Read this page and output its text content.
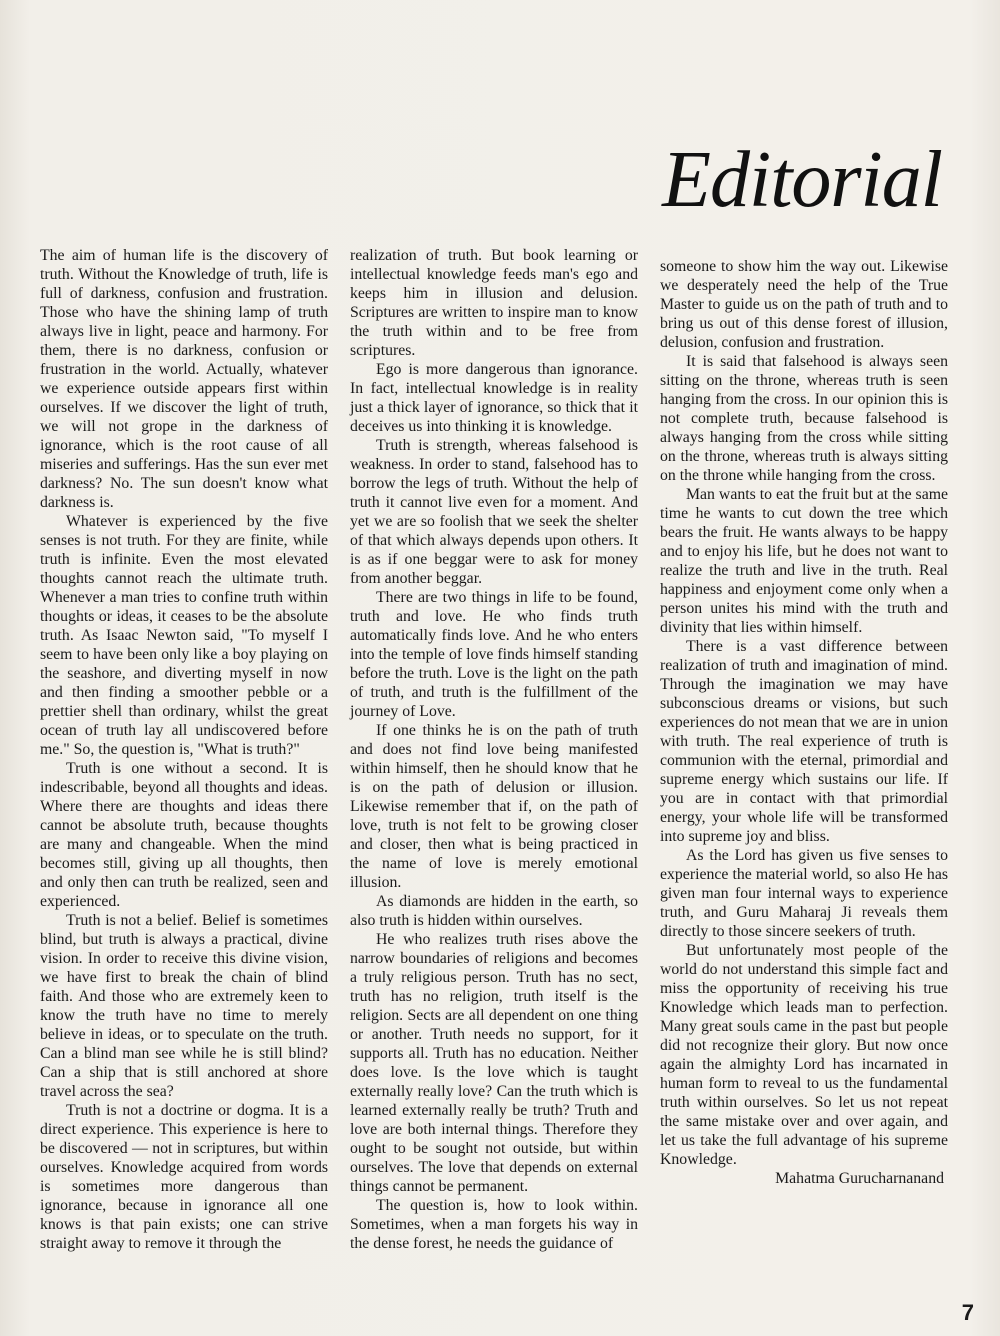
Editorial

The aim of human life is the discovery of truth. Without the Knowledge of truth, life is full of darkness, confusion and frustration. Those who have the shining lamp of truth always live in light, peace and harmony. For them, there is no darkness, confusion or frustration in the world. Actually, whatever we experience outside appears first within ourselves. If we discover the light of truth, we will not grope in the darkness of ignorance, which is the root cause of all miseries and sufferings. Has the sun ever met darkness? No. The sun doesn't know what darkness is.

Whatever is experienced by the five senses is not truth. For they are finite, while truth is infinite. Even the most elevated thoughts cannot reach the ultimate truth. Whenever a man tries to confine truth within thoughts or ideas, it ceases to be the absolute truth. As Isaac Newton said, "To myself I seem to have been only like a boy playing on the seashore, and diverting myself in now and then finding a smoother pebble or a prettier shell than ordinary, whilst the great ocean of truth lay all undiscovered before me." So, the question is, "What is truth?"

Truth is one without a second. It is indescribable, beyond all thoughts and ideas. Where there are thoughts and ideas there cannot be absolute truth, because thoughts are many and changeable. When the mind becomes still, giving up all thoughts, then and only then can truth be realized, seen and experienced.

Truth is not a belief. Belief is sometimes blind, but truth is always a practical, divine vision. In order to receive this divine vision, we have first to break the chain of blind faith. And those who are extremely keen to know the truth have no time to merely believe in ideas, or to speculate on the truth. Can a blind man see while he is still blind? Can a ship that is still anchored at shore travel across the sea?

Truth is not a doctrine or dogma. It is a direct experience. This experience is here to be discovered — not in scriptures, but within ourselves. Knowledge acquired from words is sometimes more dangerous than ignorance, because in ignorance all one knows is that pain exists; one can strive straight away to remove it through the

realization of truth. But book learning or intellectual knowledge feeds man's ego and keeps him in illusion and delusion. Scriptures are written to inspire man to know the truth within and to be free from scriptures.

Ego is more dangerous than ignorance. In fact, intellectual knowledge is in reality just a thick layer of ignorance, so thick that it deceives us into thinking it is knowledge.

Truth is strength, whereas falsehood is weakness. In order to stand, falsehood has to borrow the legs of truth. Without the help of truth it cannot live even for a moment. And yet we are so foolish that we seek the shelter of that which always depends upon others. It is as if one beggar were to ask for money from another beggar.

There are two things in life to be found, truth and love. He who finds truth automatically finds love. And he who enters into the temple of love finds himself standing before the truth. Love is the light on the path of truth, and truth is the fulfillment of the journey of Love.

If one thinks he is on the path of truth and does not find love being manifested within himself, then he should know that he is on the path of delusion or illusion. Likewise remember that if, on the path of love, truth is not felt to be growing closer and closer, then what is being practiced in the name of love is merely emotional illusion.

As diamonds are hidden in the earth, so also truth is hidden within ourselves.

He who realizes truth rises above the narrow boundaries of religions and becomes a truly religious person. Truth has no sect, truth has no religion, truth itself is the religion. Sects are all dependent on one thing or another. Truth needs no support, for it supports all. Truth has no education. Neither does love. Is the love which is taught externally really love? Can the truth which is learned externally really be truth? Truth and love are both internal things. Therefore they ought to be sought not outside, but within ourselves. The love that depends on external things cannot be permanent.

The question is, how to look within. Sometimes, when a man forgets his way in the dense forest, he needs the guidance of

someone to show him the way out. Likewise we desperately need the help of the True Master to guide us on the path of truth and to bring us out of this dense forest of illusion, delusion, confusion and frustration.

It is said that falsehood is always seen sitting on the throne, whereas truth is seen hanging from the cross. In our opinion this is not complete truth, because falsehood is always hanging from the cross while sitting on the throne, whereas truth is always sitting on the throne while hanging from the cross.

Man wants to eat the fruit but at the same time he wants to cut down the tree which bears the fruit. He wants always to be happy and to enjoy his life, but he does not want to realize the truth and live in the truth. Real happiness and enjoyment come only when a person unites his mind with the truth and divinity that lies within himself.

There is a vast difference between realization of truth and imagination of mind. Through the imagination we may have subconscious dreams or visions, but such experiences do not mean that we are in union with truth. The real experience of truth is communion with the eternal, primordial and supreme energy which sustains our life. If you are in contact with that primordial energy, your whole life will be transformed into supreme joy and bliss.

As the Lord has given us five senses to experience the material world, so also He has given man four internal ways to experience truth, and Guru Maharaj Ji reveals them directly to those sincere seekers of truth.

But unfortunately most people of the world do not understand this simple fact and miss the opportunity of receiving his true Knowledge which leads man to perfection. Many great souls came in the past but people did not recognize their glory. But now once again the almighty Lord has incarnated in human form to reveal to us the fundamental truth within ourselves. So let us not repeat the same mistake over and over again, and let us take the full advantage of his supreme Knowledge.

Mahatma Gurucharnanand

7
